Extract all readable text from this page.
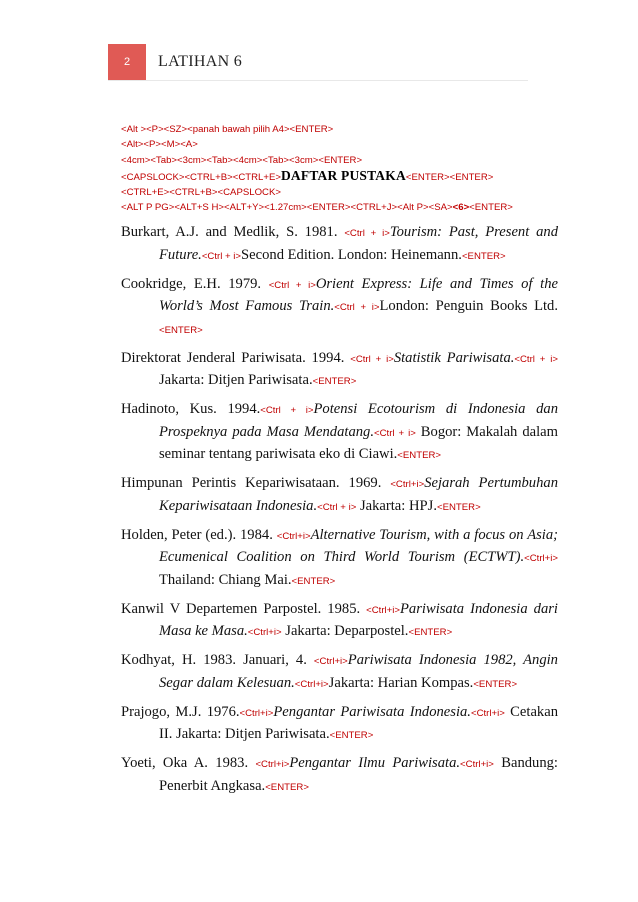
2	LATIHAN 6
<Alt ><P><SZ><panah bawah pilih A4><ENTER>
<Alt><P><M><A>
<4cm><Tab><3cm><Tab><4cm><Tab><3cm><ENTER>
<CAPSLOCK><CTRL+B><CTRL+E>DAFTAR PUSTAKA<ENTER><ENTER>
<CTRL+E><CTRL+B><CAPSLOCK>
<ALT P PG><ALT+S H><ALT+Y><1.27cm><ENTER><CTRL+J><Alt P><SA><6><ENTER>

Burkart, A.J. and Medlik, S. 1981. <Ctrl + i>Tourism: Past, Present and Future.<Ctrl + i>Second Edition. London: Heinemann.<ENTER>

Cookridge, E.H. 1979. <Ctrl + i>Orient Express: Life and Times of the World’s Most Famous Train.<Ctrl + i>London: Penguin Books Ltd.<ENTER>

Direktorat Jenderal Pariwisata. 1994. <Ctrl + i>Statistik Pariwisata.<Ctrl + i> Jakarta: Ditjen Pariwisata.<ENTER>

Hadinoto, Kus. 1994.<Ctrl + i>Potensi Ecotourism di Indonesia dan Prospeknya pada Masa Mendatang.<Ctrl + i> Bogor: Makalah dalam seminar tentang pariwisata eko di Ciawi.<ENTER>

Himpunan Perintis Kepariwisataan. 1969. <Ctrl+i>Sejarah Pertumbuhan Kepariwisataan Indonesia.<Ctrl + i> Jakarta: HPJ.<ENTER>

Holden, Peter (ed.). 1984. <Ctrl+i>Alternative Tourism, with a focus on Asia; Ecumenical Coalition on Third World Tourism (ECTWT).<Ctrl+i> Thailand: Chiang Mai.<ENTER>

Kanwil V Departemen Parpostel. 1985. <Ctrl+i>Pariwisata Indonesia dari Masa ke Masa.<Ctrl+i> Jakarta: Deparpostel.<ENTER>

Kodhyat, H. 1983. Januari, 4. <Ctrl+i>Pariwisata Indonesia 1982, Angin Segar dalam Kelesuan.<Ctrl+i>Jakarta: Harian Kompas.<ENTER>

Prajogo, M.J. 1976.<Ctrl+i>Pengantar Pariwisata Indonesia.<Ctrl+i> Cetakan II. Jakarta: Ditjen Pariwisata.<ENTER>

Yoeti, Oka A. 1983. <Ctrl+i>Pengantar Ilmu Pariwisata.<Ctrl+i> Bandung: Penerbit Angkasa.<ENTER>
